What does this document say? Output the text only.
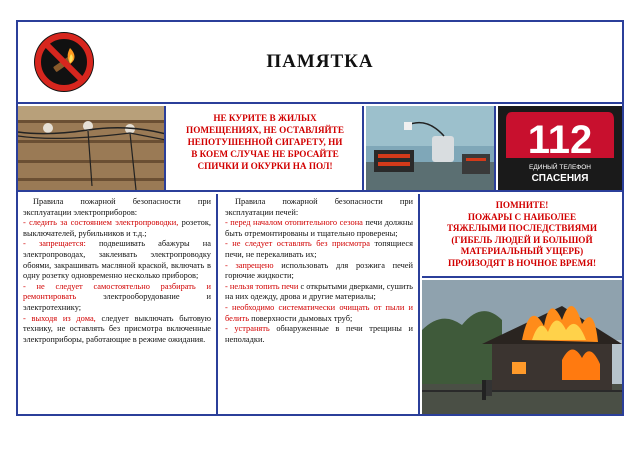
ПАМЯТКА
НЕ КУРИТЕ В ЖИЛЫХ
ПОМЕЩЕНИЯХ, НЕ ОСТАВЛЯЙТЕ
НЕПОТУШЕННОЙ СИГАРЕТУ, НИ
В КОЕМ СЛУЧАЕ НЕ БРОСАЙТЕ
СПИЧКИ И ОКУРКИ НА ПОЛ!
112
ЕДИНЫЙ ТЕЛЕФОН
СПАСЕНИЯ

Правила пожарной безопасности при эксплуатации электроприборов:

- следить за состоянием электропроводки, розеток, выключателей, рубильников и т.д.;

- запрещается: подвешивать абажуры на электропроводах, заклеивать электропроводку обоями, закрашивать масляной краской, включать в одну розетку одновременно несколько приборов;

- не следует самостоятельно разбирать и ремонтировать электрооборудование и электротехнику;

- выходя из дома, следует выключать бытовую технику, не оставлять без присмотра включенные электроприборы, работающие в режиме ожидания.

Правила пожарной безопасности при эксплуатации печей:

- перед началом отопительного сезона печи должны быть отремонтированы и тщательно проверены;

- не следует оставлять без присмотра топящиеся печи, не перекаливать их;

- запрещено использовать для розжига печей горючие жидкости;

- нельзя топить печи с открытыми дверками, сушить на них одежду, дрова и другие материалы;

- необходимо систематически очищать от пыли и белить поверхности дымовых труб;

- устранять обнаруженные в печи трещины и неполадки.

ПОМНИТЕ!
ПОЖАРЫ С НАИБОЛЕЕ
ТЯЖЕЛЫМИ ПОСЛЕДСТВИЯМИ
(ГИБЕЛЬ ЛЮДЕЙ И БОЛЬШОЙ
МАТЕРИАЛЬНЫЙ УЩЕРБ)
ПРОИЗОДЯТ В НОЧНОЕ ВРЕМЯ!
